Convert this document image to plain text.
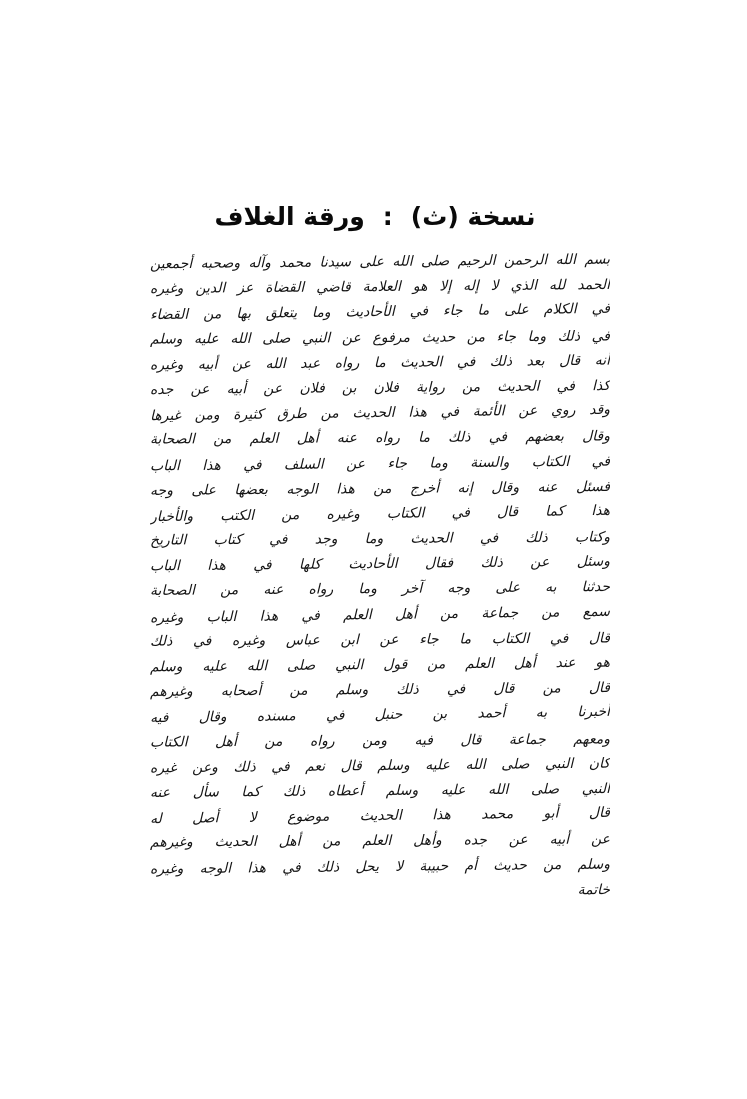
نسخة (ث):ورقة الغلاف
بسم الله الرحمن الرحيم صلى الله على سيدنا محمد وآله وصحبه أجمعين
الحمد لله الذي لا إله إلا هو العلامة قاضي القضاة عز الدين وغيره
في الكلام على ما جاء في الأحاديث وما يتعلق بها من القضاء
في ذلك وما جاء من حديث مرفوع عن النبي صلى الله عليه وسلم
أنه قال بعد ذلك في الحديث ما رواه عبد الله عن أبيه وغيره
كذا في الحديث من رواية فلان بن فلان عن أبيه عن جده
وقد روي عن الأئمة في هذا الحديث من طرق كثيرة ومن غيرها
وقال بعضهم في ذلك ما رواه عنه أهل العلم من الصحابة
في الكتاب والسنة وما جاء عن السلف في هذا الباب
فسئل عنه وقال إنه أخرج من هذا الوجه بعضها على وجه
هذا كما قال في الكتاب وغيره من الكتب والأخبار
وكتاب ذلك في الحديث وما وجد في كتاب التاريخ
وسئل عن ذلك فقال الأحاديث كلها في هذا الباب
حدثنا به على وجه آخر وما رواه عنه من الصحابة
سمع من جماعة من أهل العلم في هذا الباب وغيره
قال في الكتاب ما جاء عن ابن عباس وغيره في ذلك
هو عند أهل العلم من قول النبي صلى الله عليه وسلم
قال من قال في ذلك وسلم من أصحابه وغيرهم
أخبرنا به أحمد بن حنبل في مسنده وقال فيه
ومعهم جماعة قال فيه ومن رواه من أهل الكتاب
كان النبي صلى الله عليه وسلم قال نعم في ذلك وعن غيره
النبي صلى الله عليه وسلم أعطاه ذلك كما سأل عنه
قال أبو محمد هذا الحديث موضوع لا أصل له
عن أبيه عن جده وأهل العلم من أهل الحديث وغيرهم
وسلم من حديث أم حبيبة لا يحل ذلك في هذا الوجه وغيره
خاتمة
